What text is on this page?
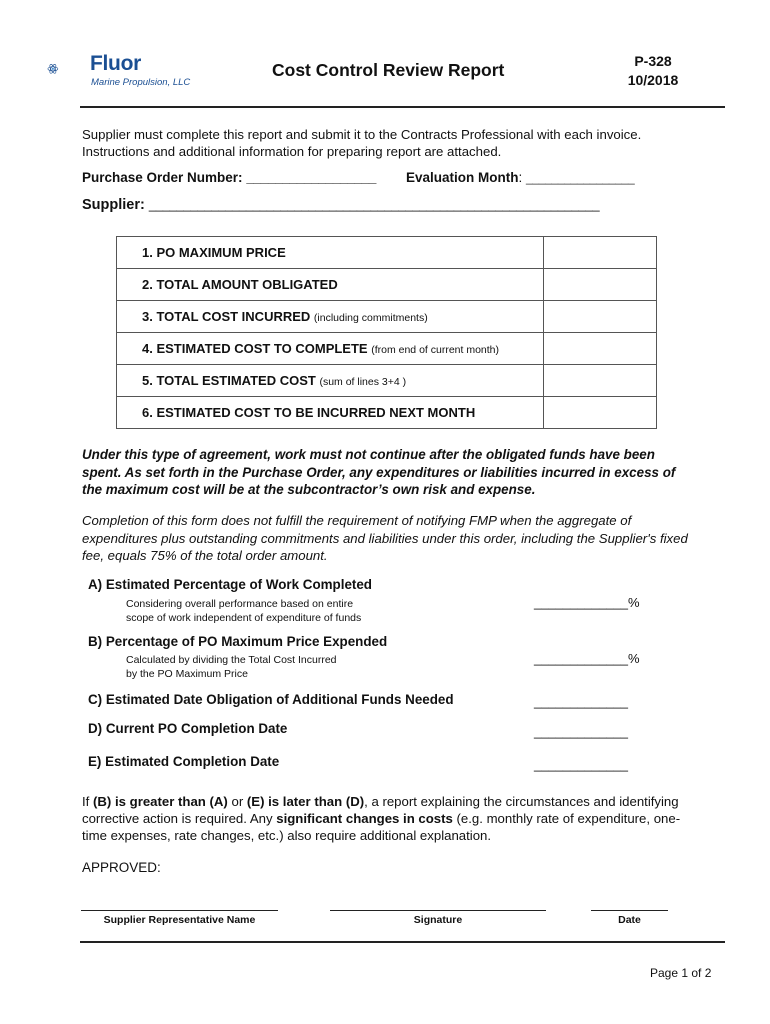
Fluor
Marine Propulsion, LLC
Cost Control Review Report	P-328
10/2018
Supplier must complete this report and submit it to the Contracts Professional with each invoice.
Instructions and additional information for preparing report are attached.
Purchase Order Number: __________________ Evaluation Month: _________________
Supplier: _________________________________________________________________
1. PO MAXIMUM PRICE	
2. TOTAL AMOUNT OBLIGATED	
3. TOTAL COST INCURRED (including commitments)	
4. ESTIMATED COST TO COMPLETE (from end of current month)	
5. TOTAL ESTIMATED COST (sum of lines 3+4 )	
6. ESTIMATED COST TO BE INCURRED NEXT MONTH	
Under this type of agreement, work must not continue after the obligated funds have been spent. As set forth in the Purchase Order, any expenditures or liabilities incurred in excess of the maximum cost will be at the subcontractor’s own risk and expense.
Completion of this form does not fulfill the requirement of notifying FMP when the aggregate of expenditures plus outstanding commitments and liabilities under this order, including the Supplier's fixed fee, equals 75% of the total order amount.
A) Estimated Percentage of Work Completed
Considering overall performance based on entire
scope of work independent of expenditure of funds
_____________%
B) Percentage of PO Maximum Price Expended
Calculated by dividing the Total Cost Incurred
by the PO Maximum Price
_____________%
C) Estimated Date Obligation of Additional Funds Needed	_____________
D) Current PO Completion Date	_____________
E) Estimated Completion Date	_____________
If (B) is greater than (A) or (E) is later than (D), a report explaining the circumstances and identifying corrective action is required. Any significant changes in costs (e.g. monthly rate of expenditure, one-time expenses, rate changes, etc.) also require additional explanation.
APPROVED:
Supplier Representative Name	Signature	Date
Page 1 of 2
